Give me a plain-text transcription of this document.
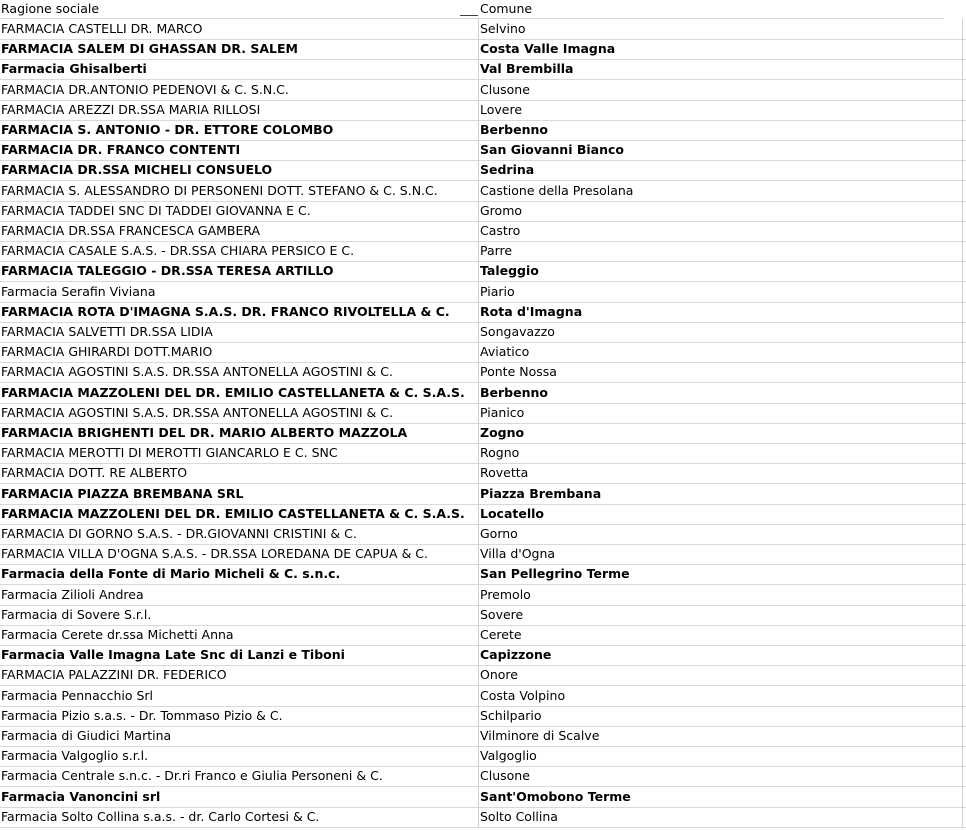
Ragione sociale	Comune
FARMACIA CASTELLI DR. MARCO	Selvino
FARMACIA SALEM DI GHASSAN DR. SALEM	Costa Valle Imagna
Farmacia Ghisalberti	Val Brembilla
FARMACIA DR.ANTONIO PEDENOVI & C. S.N.C.	Clusone
FARMACIA AREZZI DR.SSA MARIA RILLOSI	Lovere
FARMACIA S. ANTONIO - DR. ETTORE COLOMBO	Berbenno
FARMACIA DR. FRANCO CONTENTI	San Giovanni Bianco
FARMACIA DR.SSA MICHELI CONSUELO	Sedrina
FARMACIA S. ALESSANDRO DI PERSONENI DOTT. STEFANO & C. S.N.C.	Castione della Presolana
FARMACIA TADDEI SNC DI TADDEI GIOVANNA E C.	Gromo
FARMACIA DR.SSA FRANCESCA GAMBERA	Castro
FARMACIA CASALE S.A.S. - DR.SSA CHIARA PERSICO E C.	Parre
FARMACIA TALEGGIO - DR.SSA TERESA ARTILLO	Taleggio
Farmacia Serafin Viviana	Piario
FARMACIA ROTA D'IMAGNA S.A.S. DR. FRANCO RIVOLTELLA & C.	Rota d'Imagna
FARMACIA SALVETTI DR.SSA LIDIA	Songavazzo
FARMACIA GHIRARDI DOTT.MARIO	Aviatico
FARMACIA AGOSTINI S.A.S. DR.SSA ANTONELLA AGOSTINI & C.	Ponte Nossa
FARMACIA MAZZOLENI DEL DR. EMILIO CASTELLANETA & C. S.A.S.	Berbenno
FARMACIA AGOSTINI S.A.S. DR.SSA ANTONELLA AGOSTINI & C.	Pianico
FARMACIA BRIGHENTI DEL DR. MARIO ALBERTO MAZZOLA	Zogno
FARMACIA MEROTTI DI MEROTTI GIANCARLO E C. SNC	Rogno
FARMACIA DOTT. RE ALBERTO	Rovetta
FARMACIA PIAZZA BREMBANA SRL	Piazza Brembana
FARMACIA MAZZOLENI DEL DR. EMILIO CASTELLANETA & C. S.A.S.	Locatello
FARMACIA DI GORNO S.A.S. - DR.GIOVANNI CRISTINI & C.	Gorno
FARMACIA VILLA D'OGNA S.A.S. - DR.SSA LOREDANA DE CAPUA & C.	Villa d'Ogna
Farmacia della Fonte di Mario Micheli & C. s.n.c.	San Pellegrino Terme
Farmacia Zilioli Andrea	Premolo
Farmacia di Sovere S.r.l.	Sovere
Farmacia Cerete dr.ssa Michetti Anna	Cerete
Farmacia Valle Imagna Late Snc di Lanzi e Tiboni	Capizzone
FARMACIA PALAZZINI DR. FEDERICO	Onore
Farmacia Pennacchio Srl	Costa Volpino
Farmacia Pizio s.a.s. - Dr. Tommaso Pizio & C.	Schilpario
Farmacia di Giudici Martina	Vilminore di Scalve
Farmacia Valgoglio s.r.l.	Valgoglio
Farmacia Centrale s.n.c. - Dr.ri Franco e Giulia Personeni & C.	Clusone
Farmacia Vanoncini srl	Sant'Omobono Terme
Farmacia Solto Collina s.a.s. - dr. Carlo Cortesi & C.	Solto Collina
